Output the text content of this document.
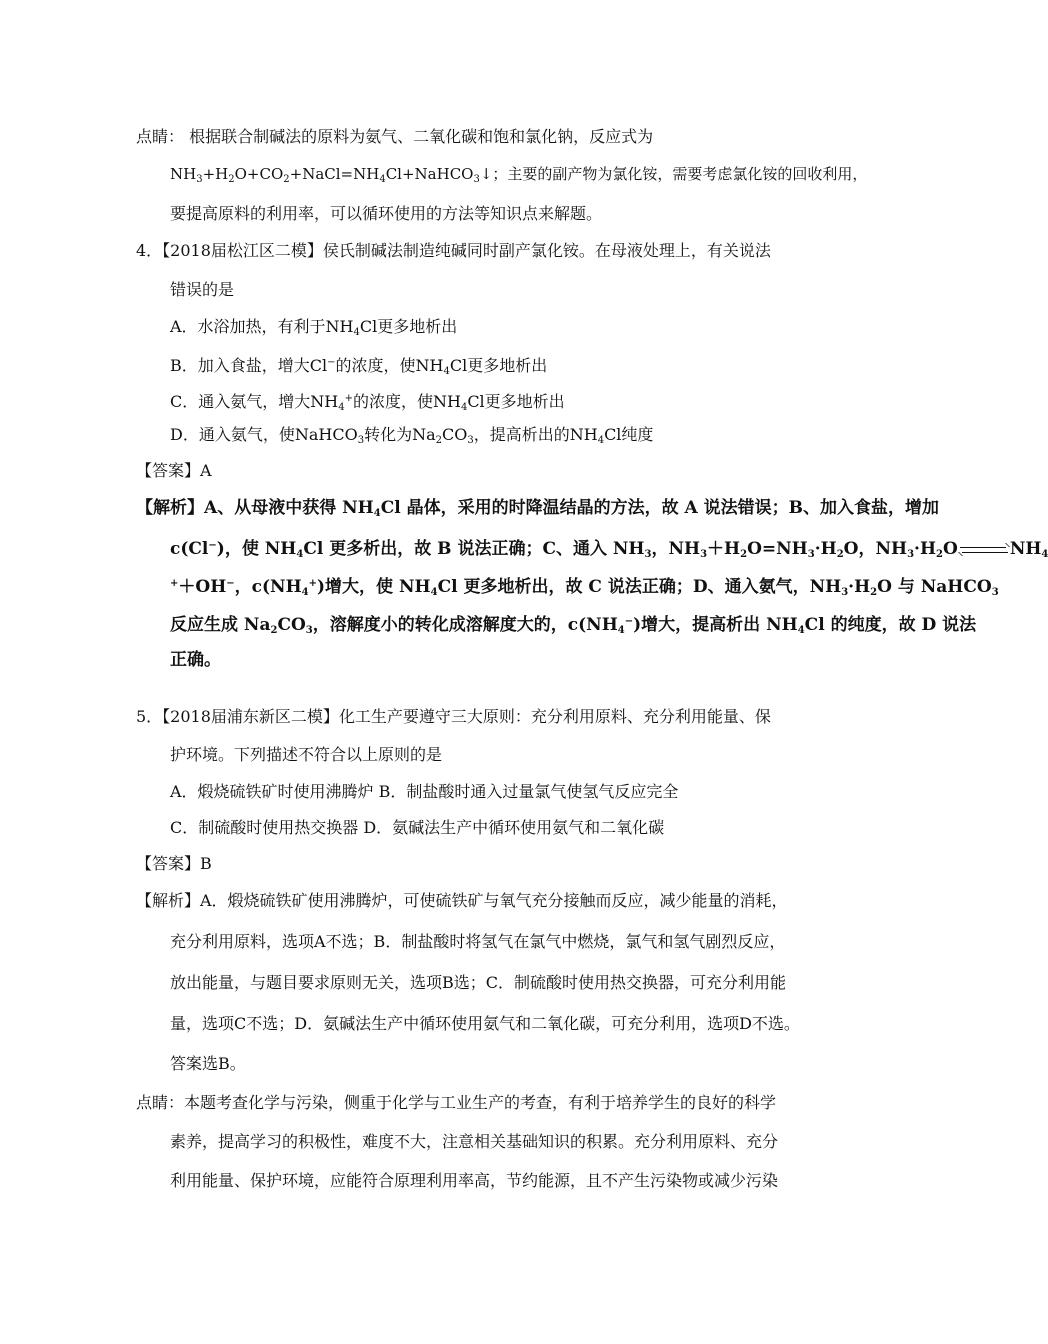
点睛： 根据联合制碱法的原料为氨气、二氧化碳和饱和氯化钠，反应式为
$NH_3+H_2O+CO_2+NaCl=NH_4Cl+NaHCO_3↓$；主要的副产物为氯化铵，需要考虑氯化铵的回收利用，
要提高原料的利用率，可以循环使用的方法等知识点来解题。
4．【2018届松江区二模】侯氏制碱法制造纯碱同时副产氯化铵。在母液处理上，有关说法
错误的是
A．水浴加热，有利于$NH_4Cl$更多地析出
B．加入食盐，增大Cl−的浓度，使$NH_4Cl$更多地析出
C．通入氨气，增大$NH_4^+$的浓度，使$NH_4Cl$更多地析出
D．通入氨气，使NaHCO$_3$转化为$Na_2CO_3$，提高析出的$NH_4Cl$纯度
【答案】A
【解析】A、从母液中获得 $NH_4Cl$ 晶体，采用的时降温结晶的方法，故 A 说法错误；B、加入食盐，增加
c(Cl−)，使 $NH_4Cl$ 更多析出，故 B 说法正确；C、通入 $NH_3$，$NH_3+H_2O=NH_3\cdot H_2O$，$NH_3\cdot H_2O$	$NH_4$
+＋OH−，$c(NH_4^+)$增大，使 $NH_4Cl$ 更多地析出，故 C 说法正确；D、通入氨气，$NH_3\cdot H_2O$ 与 NaHCO$_3$
反应生成 $Na_2CO_3$，溶解度小的转化成溶解度大的，$c(NH_4^-)$增大，提高析出 $NH_4Cl$ 的纯度，故 D 说法
正确。
5．【2018届浦东新区二模】化工生产要遵守三大原则：充分利用原料、充分利用能量、保
护环境。下列描述不符合以上原则的是
A．煅烧硫铁矿时使用沸腾炉 B．制盐酸时通入过量氯气使氢气反应完全
C．制硫酸时使用热交换器 D．氨碱法生产中循环使用氨气和二氧化碳
【答案】B
【解析】A．煅烧硫铁矿使用沸腾炉，可使硫铁矿与氧气充分接触而反应，减少能量的消耗，
充分利用原料，选项A不选；B．制盐酸时将氢气在氯气中燃烧，氯气和氢气剧烈反应，
放出能量，与题目要求原则无关，选项B选；C．制硫酸时使用热交换器，可充分利用能
量，选项C不选；D．氨碱法生产中循环使用氨气和二氧化碳，可充分利用，选项D不选。
答案选B。
点睛：本题考查化学与污染，侧重于化学与工业生产的考查，有利于培养学生的良好的科学
素养，提高学习的积极性，难度不大，注意相关基础知识的积累。充分利用原料、充分
利用能量、保护环境，应能符合原理利用率高，节约能源，且不产生污染物或减少污染
